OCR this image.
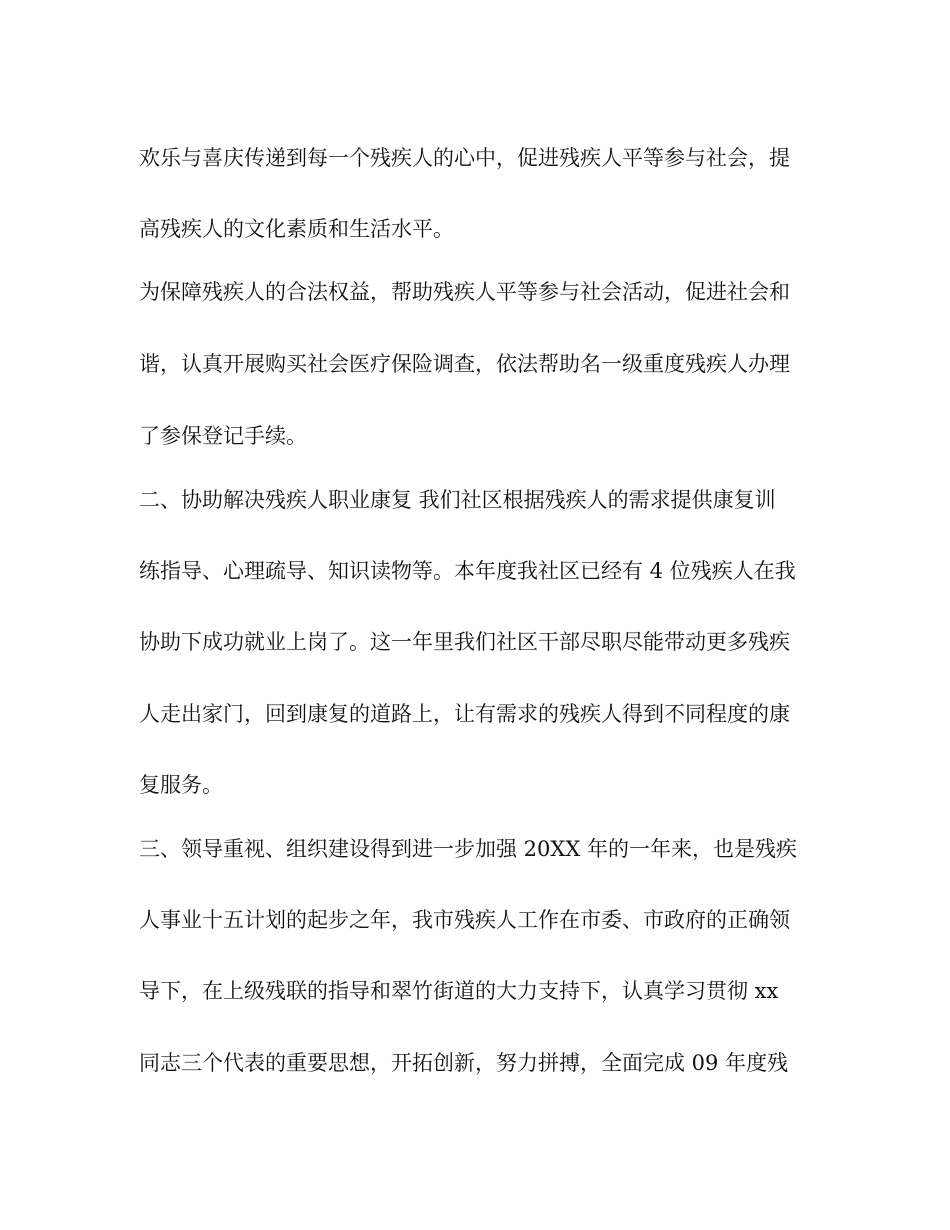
欢乐与喜庆传递到每一个残疾人的心中，促进残疾人平等参与社会，提
高残疾人的文化素质和生活水平。
为保障残疾人的合法权益，帮助残疾人平等参与社会活动，促进社会和
谐，认真开展购买社会医疗保险调查，依法帮助名一级重度残疾人办理
了参保登记手续。
二、协助解决残疾人职业康复 我们社区根据残疾人的需求提供康复训
练指导、心理疏导、知识读物等。本年度我社区已经有 4 位残疾人在我
协助下成功就业上岗了。这一年里我们社区干部尽职尽能带动更多残疾
人走出家门，回到康复的道路上，让有需求的残疾人得到不同程度的康
复服务。
三、领导重视、组织建设得到进一步加强 20XX 年的一年来，也是残疾
人事业十五计划的起步之年，我市残疾人工作在市委、市政府的正确领
导下，在上级残联的指导和翠竹街道的大力支持下，认真学习贯彻 xx
同志三个代表的重要思想，开拓创新，努力拼搏，全面完成 09 年度残
